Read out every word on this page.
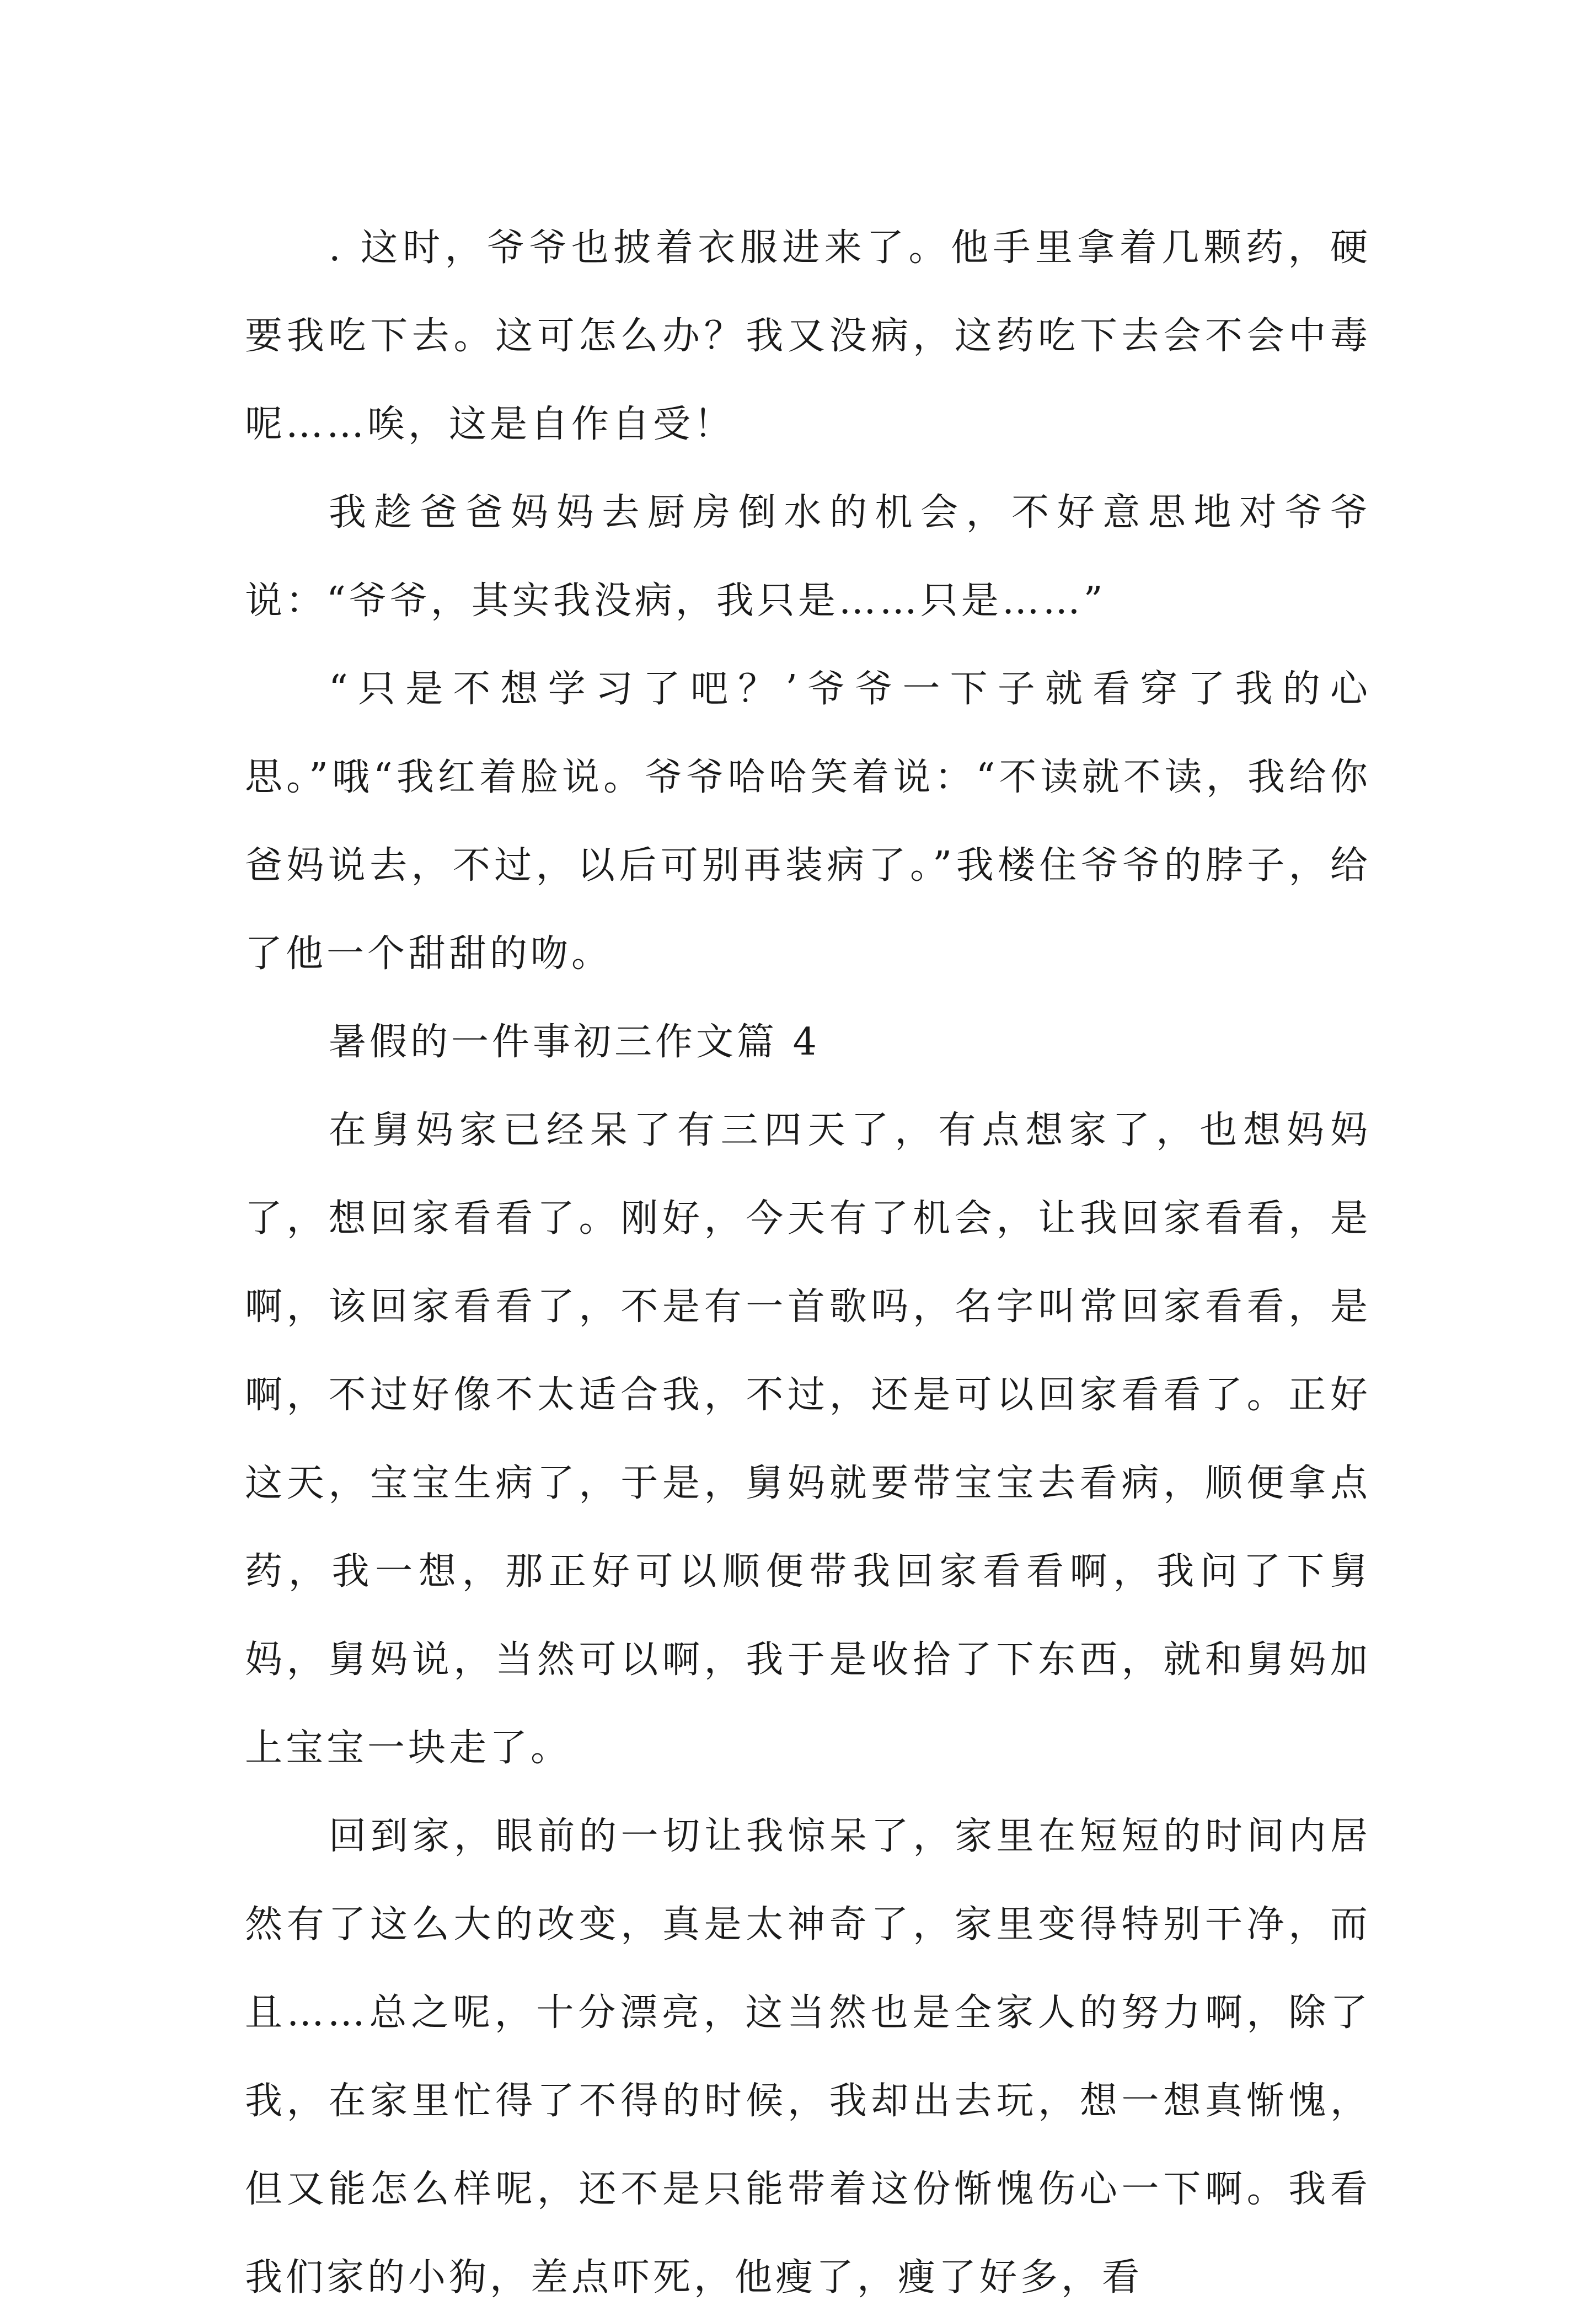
. 这时，爷爷也披着衣服进来了。他手里拿着几颗药，硬要我吃下去。这可怎么办？我又没病，这药吃下去会不会中毒呢……唉，这是自作自受！

我趁爸爸妈妈去厨房倒水的机会，不好意思地对爷爷说：“爷爷，其实我没病，我只是……只是……”

“只是不想学习了吧？’爷爷一下子就看穿了我的心思。”哦“我红着脸说。爷爷哈哈笑着说：“不读就不读，我给你爸妈说去，不过，以后可别再装病了。”我楼住爷爷的脖子，给了他一个甜甜的吻。

暑假的一件事初三作文篇 4

在舅妈家已经呆了有三四天了，有点想家了，也想妈妈了，想回家看看了。刚好，今天有了机会，让我回家看看，是啊，该回家看看了，不是有一首歌吗，名字叫常回家看看，是啊，不过好像不太适合我，不过，还是可以回家看看了。正好这天，宝宝生病了，于是，舅妈就要带宝宝去看病，顺便拿点药，我一想，那正好可以顺便带我回家看看啊，我问了下舅妈，舅妈说，当然可以啊，我于是收拾了下东西，就和舅妈加上宝宝一块走了。

回到家，眼前的一切让我惊呆了，家里在短短的时间内居然有了这么大的改变，真是太神奇了，家里变得特别干净，而且……总之呢，十分漂亮，这当然也是全家人的努力啊，除了我，在家里忙得了不得的时候，我却出去玩，想一想真惭愧，但又能怎么样呢，还不是只能带着这份惭愧伤心一下啊。我看我们家的小狗，差点吓死，他瘦了，瘦了好多，看
